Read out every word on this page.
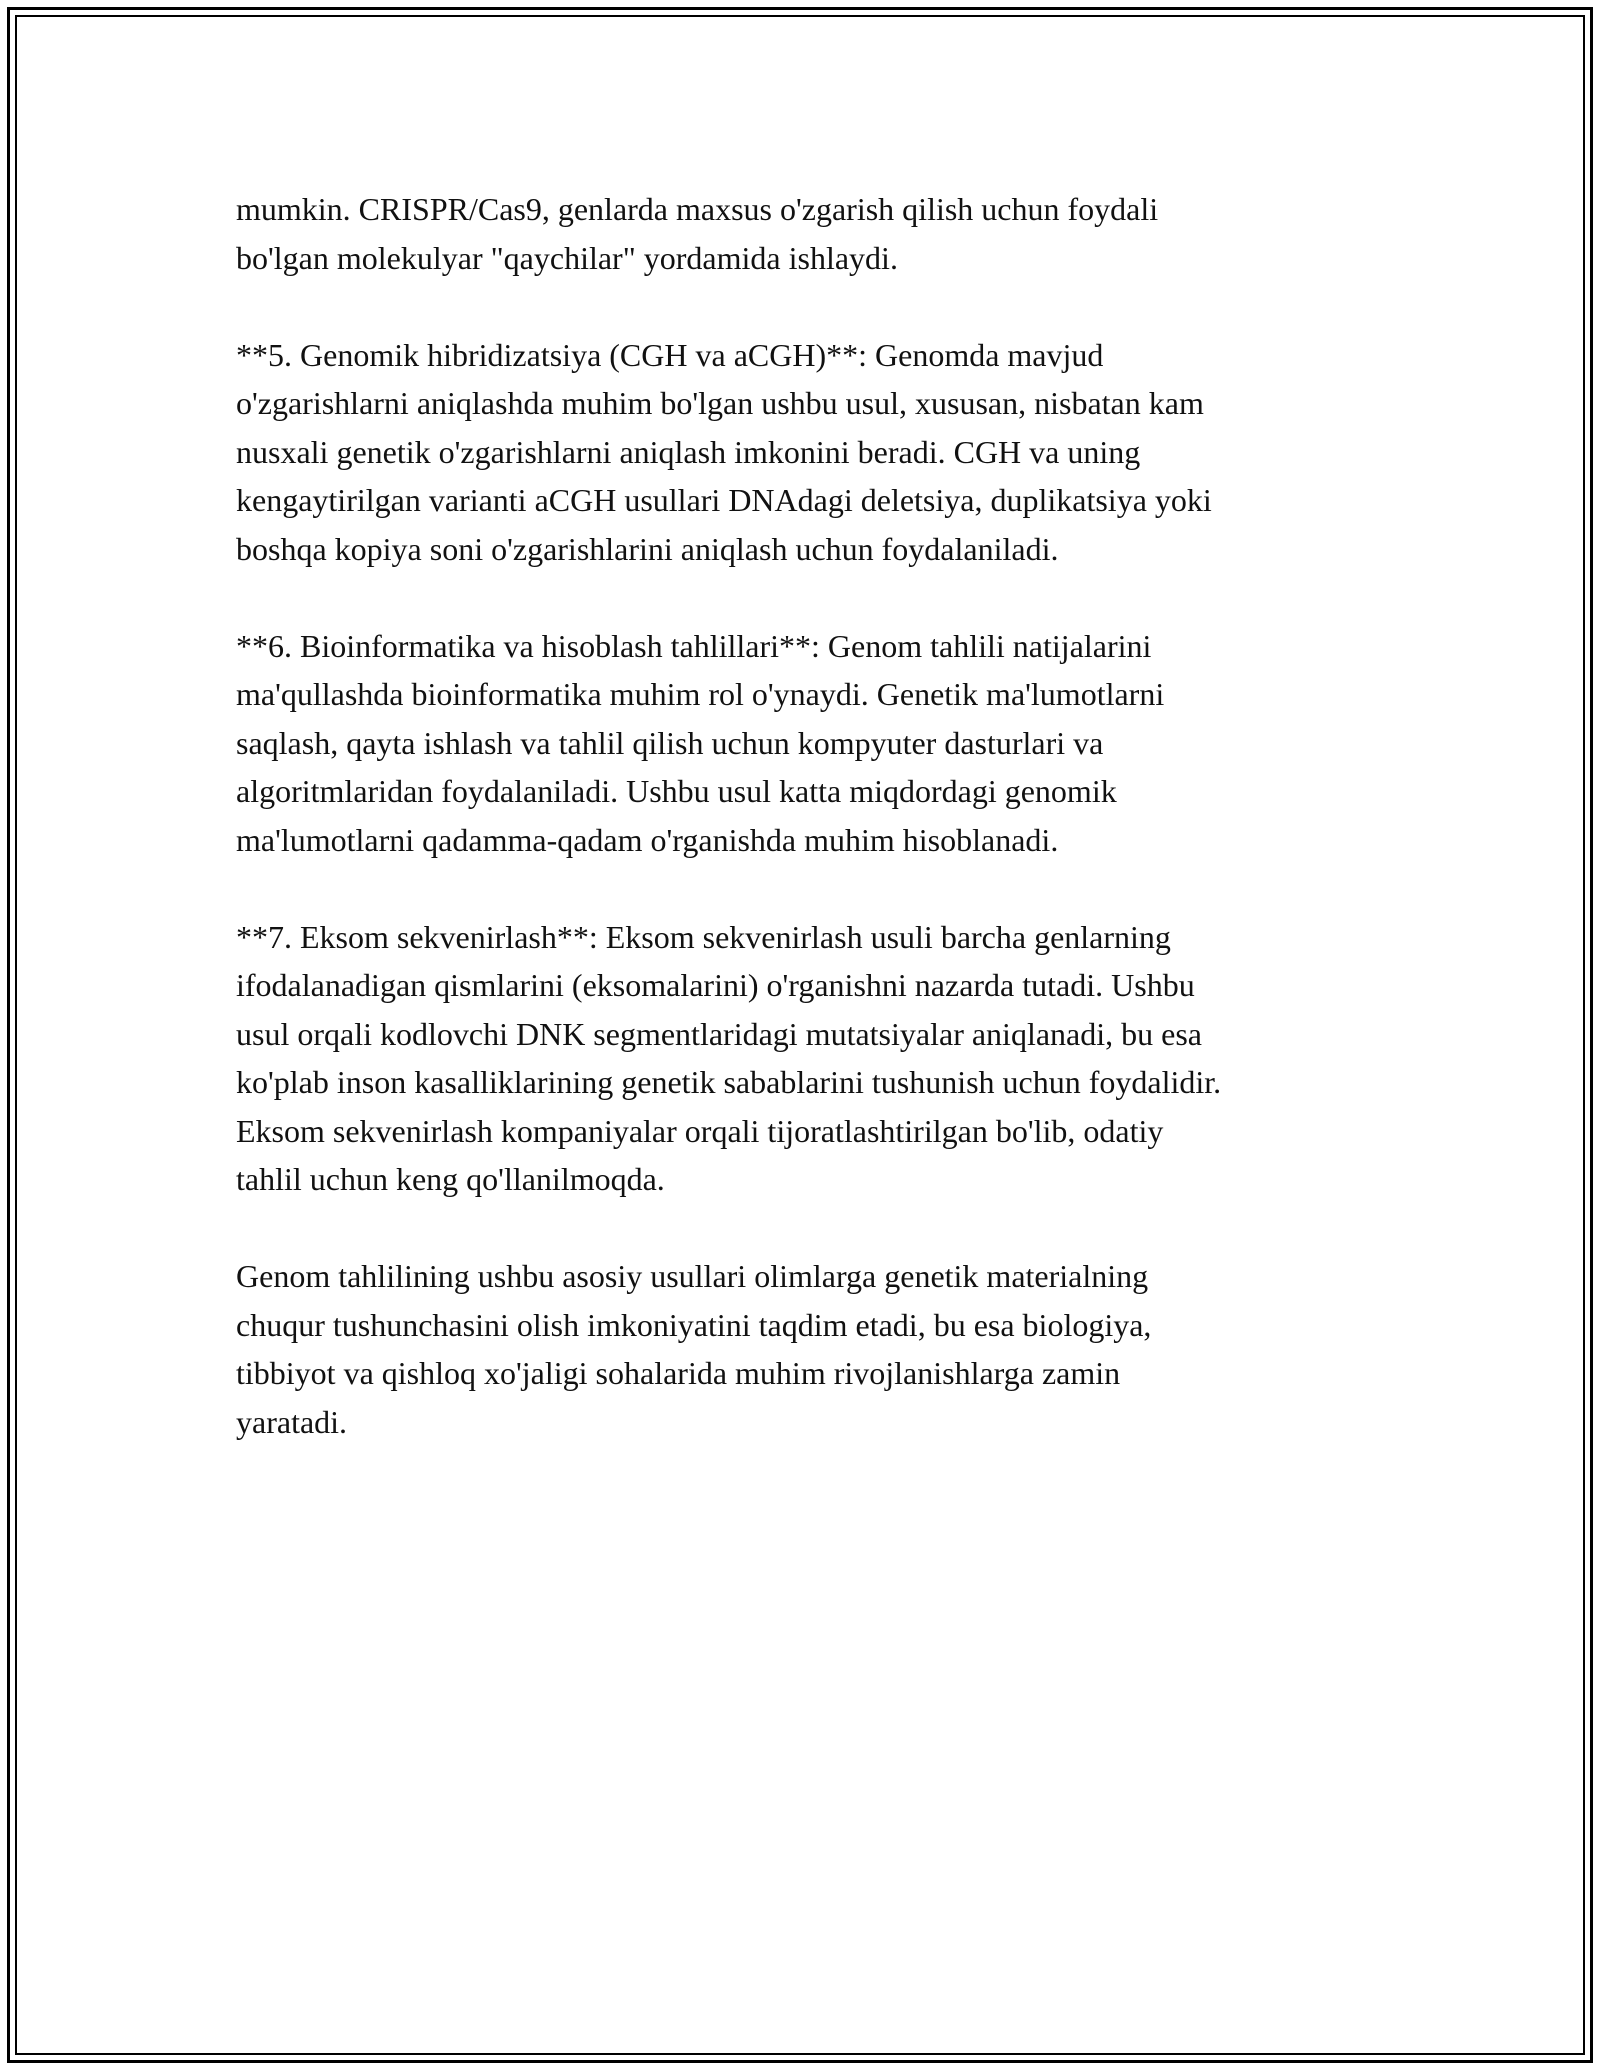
mumkin. CRISPR/Cas9, genlarda maxsus o'zgarish qilish uchun foydali
bo'lgan molekulyar "qaychilar" yordamida ishlaydi.

**5. Genomik hibridizatsiya (CGH va aCGH)**: Genomda mavjud
o'zgarishlarni aniqlashda muhim bo'lgan ushbu usul, xususan, nisbatan kam
nusxali genetik o'zgarishlarni aniqlash imkonini beradi. CGH va uning
kengaytirilgan varianti aCGH usullari DNAdagi deletsiya, duplikatsiya yoki
boshqa kopiya soni o'zgarishlarini aniqlash uchun foydalaniladi.

**6. Bioinformatika va hisoblash tahlillari**: Genom tahlili natijalarini
ma'qullashda bioinformatika muhim rol o'ynaydi. Genetik ma'lumotlarni
saqlash, qayta ishlash va tahlil qilish uchun kompyuter dasturlari va
algoritmlaridan foydalaniladi. Ushbu usul katta miqdordagi genomik
ma'lumotlarni qadamma-qadam o'rganishda muhim hisoblanadi.

**7. Eksom sekvenirlash**: Eksom sekvenirlash usuli barcha genlarning
ifodalanadigan qismlarini (eksomalarini) o'rganishni nazarda tutadi. Ushbu
usul orqali kodlovchi DNK segmentlaridagi mutatsiyalar aniqlanadi, bu esa
ko'plab inson kasalliklarining genetik sabablarini tushunish uchun foydalidir.
Eksom sekvenirlash kompaniyalar orqali tijoratlashtirilgan bo'lib, odatiy
tahlil uchun keng qo'llanilmoqda.

Genom tahlilining ushbu asosiy usullari olimlarga genetik materialning
chuqur tushunchasini olish imkoniyatini taqdim etadi, bu esa biologiya,
tibbiyot va qishloq xo'jaligi sohalarida muhim rivojlanishlarga zamin
yaratadi.
